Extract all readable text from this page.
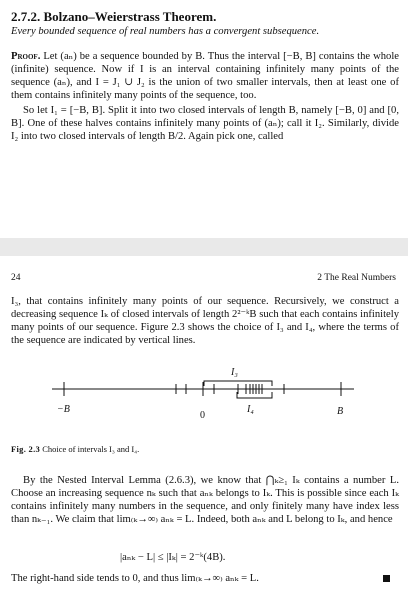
2.7.2. Bolzano–Weierstrass Theorem.
Every bounded sequence of real numbers has a convergent subsequence.
Proof. Let (aₙ) be a sequence bounded by B. Thus the interval [−B, B] contains the whole (infinite) sequence. Now if I is an interval containing infinitely many points of the sequence (aₙ), and I = J₁ ∪ J₂ is the union of two smaller intervals, then at least one of them contains infinitely many points of the sequence, too.
So let I₁ = [−B, B]. Split it into two closed intervals of length B, namely [−B, 0] and [0, B]. One of these halves contains infinitely many points of (aₙ); call it I₂. Similarly, divide I₂ into two closed intervals of length B/2. Again pick one, called
24	2 The Real Numbers
I₃, that contains infinitely many points of our sequence. Recursively, we construct a decreasing sequence Iₖ of closed intervals of length 2²⁻ᵏB such that each contains infinitely many points of our sequence. Figure 2.3 shows the choice of I₃ and I₄, where the terms of the sequence are indicated by vertical lines.
I₃
I₄
−B
0	B
Fig. 2.3 Choice of intervals I₃ and I₄.
By the Nested Interval Lemma (2.6.3), we know that ⋂ₖ≥₁ Iₖ contains a number L. Choose an increasing sequence nₖ such that aₙₖ belongs to Iₖ. This is possible since each Iₖ contains infinitely many numbers in the sequence, and only finitely many have index less than nₖ₋₁. We claim that lim₍ₖ→∞₎ aₙₖ = L. Indeed, both aₙₖ and L belong to Iₖ, and hence
|aₙₖ − L| ≤ |Iₖ| = 2⁻ᵏ(4B).
The right-hand side tends to 0, and thus lim₍ₖ→∞₎ aₙₖ = L.
